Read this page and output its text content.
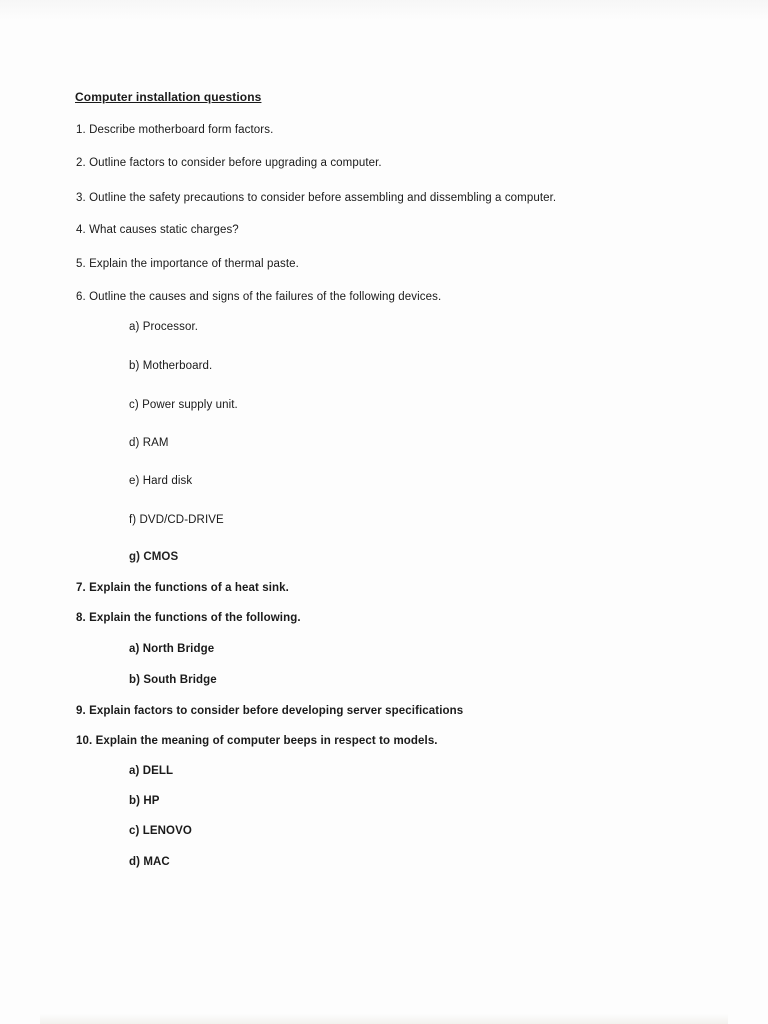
Computer installation questions
1. Describe motherboard form factors.
2. Outline factors to consider before upgrading a computer.
3. Outline the safety precautions to consider before assembling and dissembling a computer.
4. What causes static charges?
5. Explain the importance of thermal paste.
6. Outline the causes and signs of the failures of the following devices.
a) Processor.
b) Motherboard.
c) Power supply unit.
d) RAM
e) Hard disk
f) DVD/CD-DRIVE
g) CMOS
7. Explain the functions of a heat sink.
8. Explain the functions of the following.
a) North Bridge
b) South Bridge
9. Explain factors to consider before developing server specifications
10. Explain the meaning of computer beeps in respect to models.
a) DELL
b) HP
c) LENOVO
d) MAC
